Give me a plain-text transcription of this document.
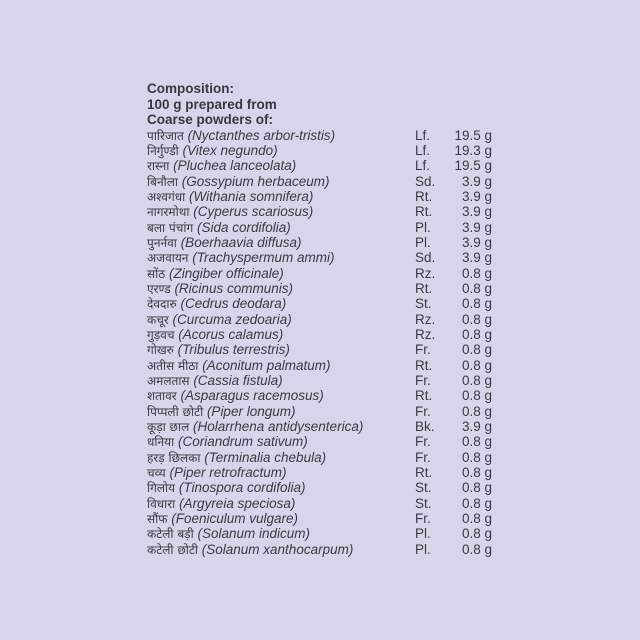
Composition:
100 g prepared from
Coarse powders of:
पारिजात (Nyctanthes arbor-tristis)	Lf.	19.5 g
निर्गुण्डी (Vitex negundo)	Lf.	19.3 g
रास्ना (Pluchea lanceolata)	Lf.	19.5 g
बिनौला (Gossypium herbaceum)	Sd.	3.9 g
अश्वगंधा (Withania somnifera)	Rt.	3.9 g
नागरमोथा (Cyperus scariosus)	Rt.	3.9 g
बला पंचांग (Sida cordifolia)	Pl.	3.9 g
पुनर्नवा (Boerhaavia diffusa)	Pl.	3.9 g
अजवायन (Trachyspermum ammi)	Sd.	3.9 g
सोंठ (Zingiber officinale)	Rz.	0.8 g
एरण्ड (Ricinus communis)	Rt.	0.8 g
देवदारु (Cedrus deodara)	St.	0.8 g
कचूर (Curcuma zedoaria)	Rz.	0.8 g
गुड़वच (Acorus calamus)	Rz.	0.8 g
गोखरु (Tribulus terrestris)	Fr.	0.8 g
अतीस मीठा (Aconitum palmatum)	Rt.	0.8 g
अमलतास (Cassia fistula)	Fr.	0.8 g
शतावर (Asparagus racemosus)	Rt.	0.8 g
पिप्पली छोटी (Piper longum)	Fr.	0.8 g
कूड़ा छाल (Holarrhena antidysenterica)	Bk.	3.9 g
धनिया (Coriandrum sativum)	Fr.	0.8 g
हरड़ छिलका (Terminalia chebula)	Fr.	0.8 g
चव्य (Piper retrofractum)	Rt.	0.8 g
गिलोय (Tinospora cordifolia)	St.	0.8 g
विधारा (Argyreia speciosa)	St.	0.8 g
सौंफ (Foeniculum vulgare)	Fr.	0.8 g
कटेली बड़ी (Solanum indicum)	Pl.	0.8 g
कटेली छोटी (Solanum xanthocarpum)	Pl.	0.8 g
